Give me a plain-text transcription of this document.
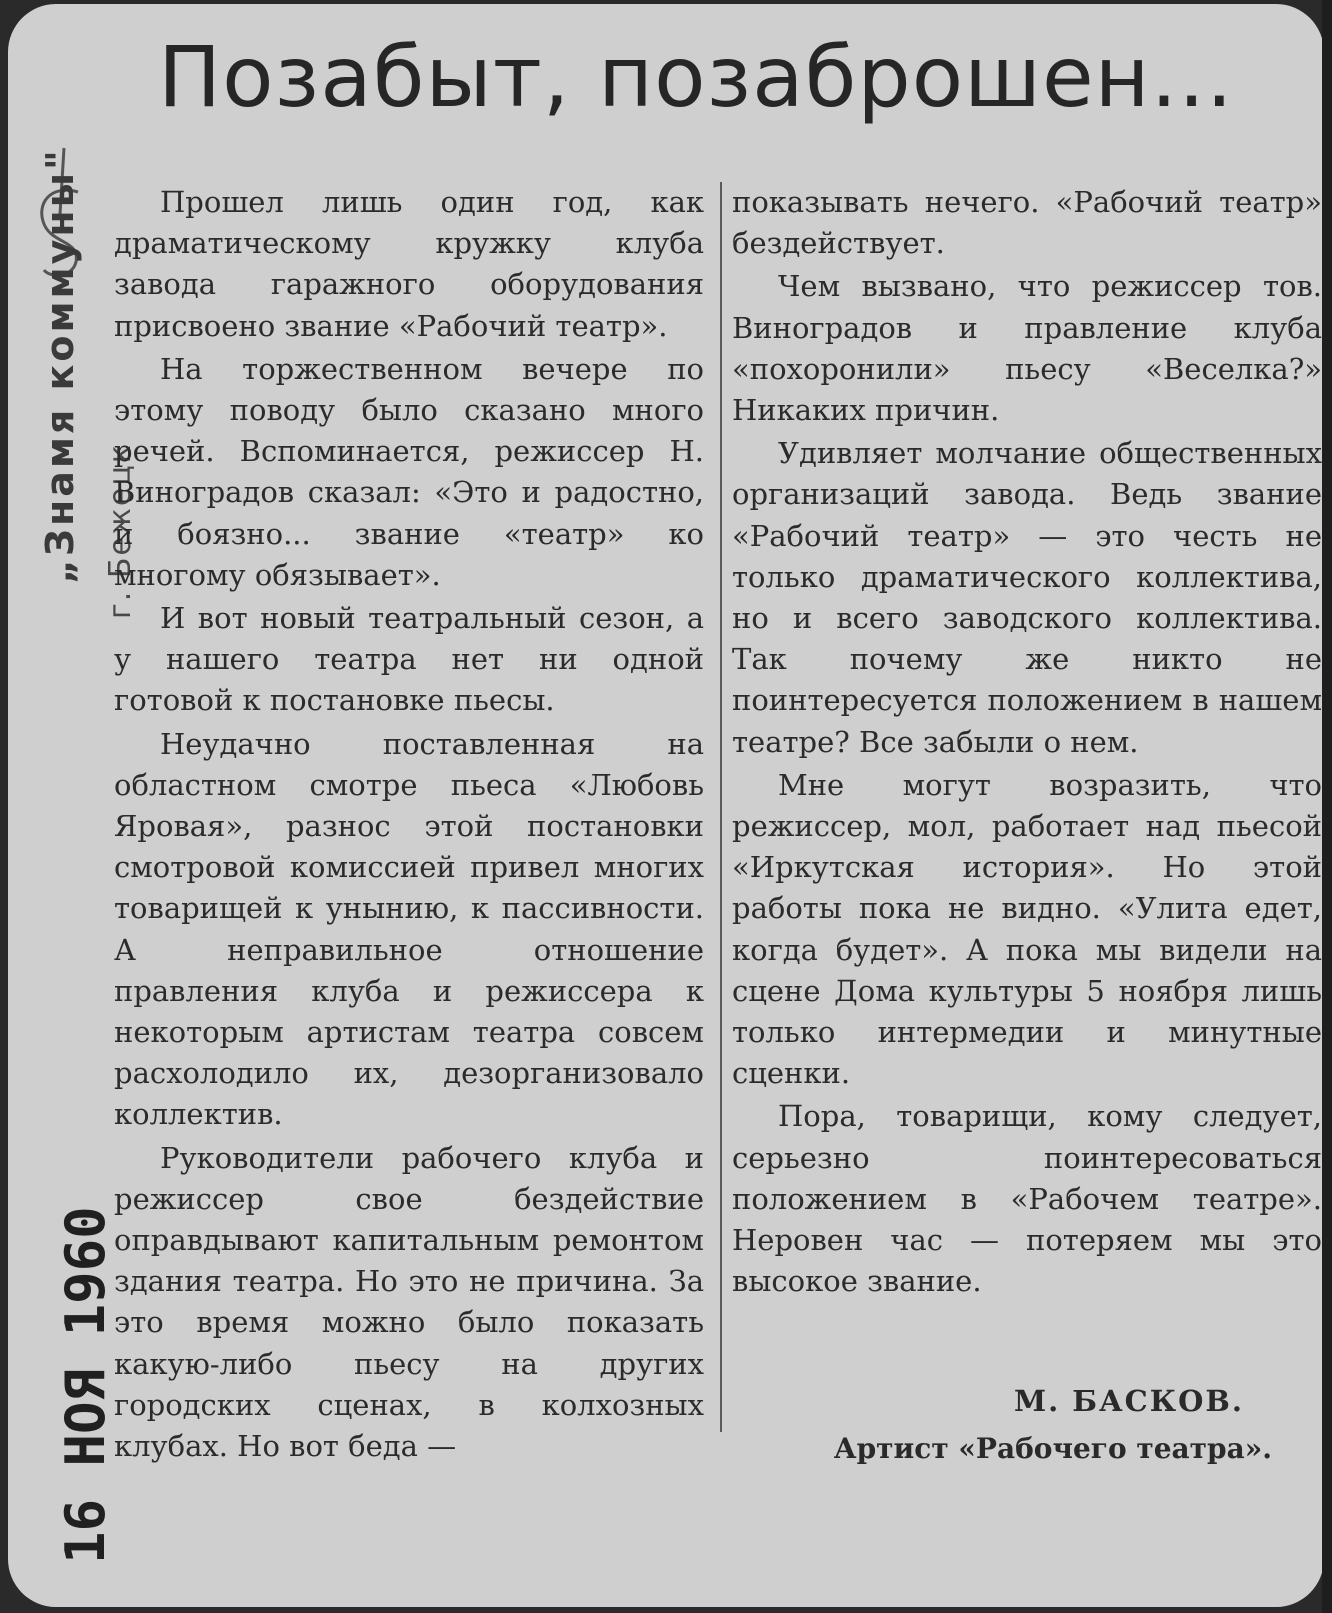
Позабыт, позаброшен...
„Знамя коммуны" г. Бежецк
16 НОЯ 1960

Прошел лишь один год, как драматическому кружку клуба завода гаражного оборудования присвоено звание «Рабочий театр».

На торжественном вечере по этому поводу было сказано много речей. Вспоминается, режиссер Н. Виноградов сказал: «Это и радостно, и боязно... звание «театр» ко многому обязывает».

И вот новый театральный сезон, а у нашего театра нет ни одной готовой к постановке пьесы.

Неудачно поставленная на областном смотре пьеса «Любовь Яровая», разнос этой постановки смотровой комиссией привел многих товарищей к унынию, к пассивности. А неправильное отношение правления клуба и режиссера к некоторым артистам театра совсем расхолодило их, дезорганизовало коллектив.

Руководители рабочего клуба и режиссер свое бездействие оправдывают капитальным ремонтом здания театра. Но это не причина. За это время можно было показать какую-либо пьесу на других городских сценах, в колхозных клубах. Но вот беда —

показывать нечего. «Рабочий театр» бездействует.

Чем вызвано, что режиссер тов. Виноградов и правление клуба «похоронили» пьесу «Веселка?» Никаких причин.

Удивляет молчание общественных организаций завода. Ведь звание «Рабочий театр» — это честь не только драматического коллектива, но и всего заводского коллектива. Так почему же никто не поинтересуется положением в нашем театре? Все забыли о нем.

Мне могут возразить, что режиссер, мол, работает над пьесой «Иркутская история». Но этой работы пока не видно. «Улита едет, когда будет». А пока мы видели на сцене Дома культуры 5 ноября лишь только интермедии и минутные сценки.

Пора, товарищи, кому следует, серьезно поинтересоваться положением в «Рабочем театре». Неровен час — потеряем мы это высокое звание.

М. БАСКОВ.
Артист «Рабочего театра».
